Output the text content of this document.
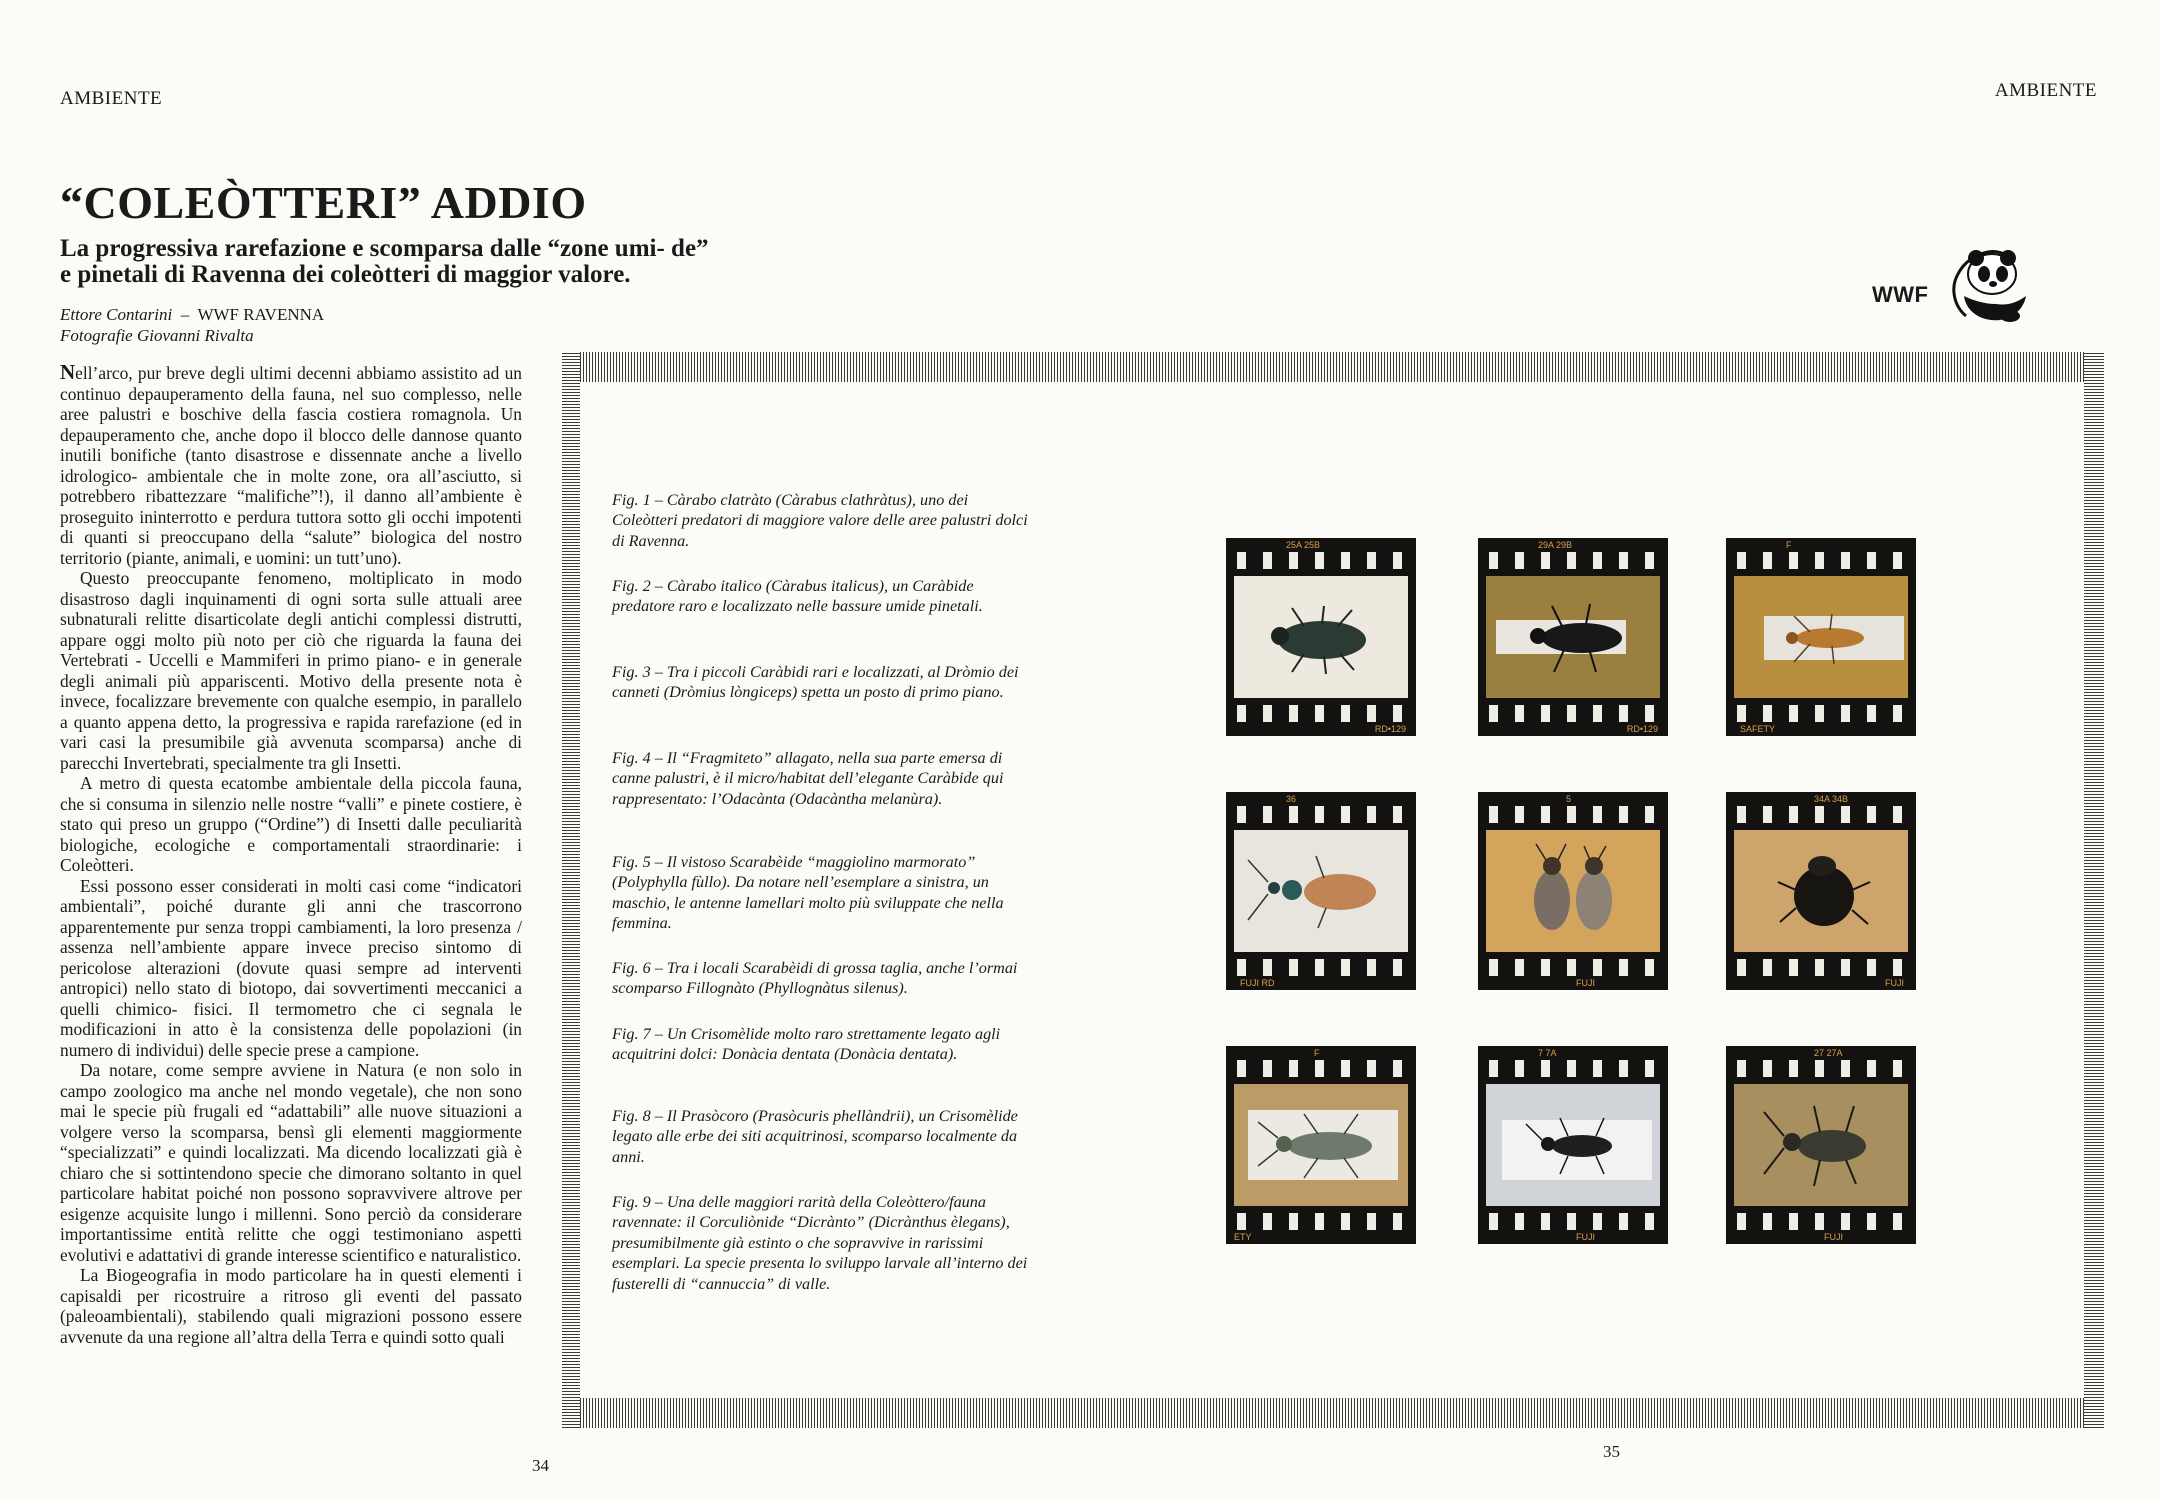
AMBIENTE	AMBIENTE
“COLEÒTTERI” ADDIO
La progressiva rarefazione e scomparsa dalle “zone umi- de” e pinetali di Ravenna dei coleòtteri di maggior valore.
Ettore Contarini  –  WWF RAVENNA
Fotografie Giovanni Rivalta

Nell’arco, pur breve degli ultimi decenni abbiamo assistito ad un continuo depauperamento della fauna, nel suo complesso, nelle aree palustri e boschive della fascia costiera romagnola. Un depauperamento che, anche dopo il blocco delle dannose quanto inutili bonifiche (tanto disastrose e dissennate anche a livello idrologico- ambientale che in molte zone, ora all’asciutto, si potrebbero ribattezzare “malifiche”!), il danno all’ambiente è proseguito ininterrotto e perdura tuttora sotto gli occhi impotenti di quanti si preoccupano della “salute” biologica del nostro territorio (piante, animali, e uomini: un tutt’uno).

Questo preoccupante fenomeno, moltiplicato in modo disastroso dagli inquinamenti di ogni sorta sulle attuali aree subnaturali relitte disarticolate degli antichi complessi distrutti, appare oggi molto più noto per ciò che riguarda la fauna dei Vertebrati - Uccelli e Mammiferi in primo piano- e in generale degli animali più appariscenti. Motivo della presente nota è invece, focalizzare brevemente con qualche esempio, in parallelo a quanto appena detto, la progressiva e rapida rarefazione (ed in vari casi la presumibile già avvenuta scomparsa) anche di parecchi Invertebrati, specialmente tra gli Insetti.

A metro di questa ecatombe ambientale della piccola fauna, che si consuma in silenzio nelle nostre “valli” e pinete costiere, è stato qui preso un gruppo (“Ordine”) di Insetti dalle peculiarità biologiche, ecologiche e comportamentali straordinarie: i Coleòtteri.

Essi possono esser considerati in molti casi come “indicatori ambientali”, poiché durante gli anni che trascorrono apparentemente pur senza troppi cambiamenti, la loro presenza / assenza nell’ambiente appare invece preciso sintomo di pericolose alterazioni (dovute quasi sempre ad interventi antropici) nello stato di biotopo, dai sovvertimenti meccanici a quelli chimico- fisici. Il termometro che ci segnala le modificazioni in atto è la consistenza delle popolazioni (in numero di individui) delle specie prese a campione.

Da notare, come sempre avviene in Natura (e non solo in campo zoologico ma anche nel mondo vegetale), che non sono mai le specie più frugali ed “adattabili” alle nuove situazioni a volgere verso la scomparsa, bensì gli elementi maggiormente “specializzati” e quindi localizzati. Ma dicendo localizzati già è chiaro che si sottintendono specie che dimorano soltanto in quel particolare habitat poiché non possono sopravvivere altrove per esigenze acquisite lungo i millenni. Sono perciò da considerare importantissime entità relitte che oggi testimoniano aspetti evolutivi e adattativi di grande interesse scientifico e naturalistico.

La Biogeografia in modo particolare ha in questi elementi i capisaldi per ricostruire a ritroso gli eventi del passato (paleoambientali), stabilendo quali migrazioni possono essere avvenute da una regione all’altra della Terra e quindi sotto quali

WWF

Fig. 1 – Càrabo clatràto (Càrabus clathràtus), uno dei Coleòtteri predatori di maggiore valore delle aree palustri dolci di Ravenna.

Fig. 2 – Càrabo italico (Càrabus italicus), un Caràbide predatore raro e localizzato nelle bassure umide pinetali.

Fig. 3 – Tra i piccoli Caràbidi rari e localizzati, al Dròmio dei canneti (Dròmius lòngiceps) spetta un posto di primo piano.

Fig. 4 – Il “Fragmiteto” allagato, nella sua parte emersa di canne palustri, è il micro/habitat dell’elegante Caràbide qui rappresentato: l’Odacànta (Odacàntha melanùra).

Fig. 5 – Il vistoso Scarabèide “maggiolino marmorato” (Polyphylla fùllo). Da notare nell’esemplare a sinistra, un maschio, le antenne lamellari molto più sviluppate che nella femmina.

Fig. 6 – Tra i locali Scarabèidi di grossa taglia, anche l’ormai scomparso Fillognàto (Phyllognàtus silenus).

Fig. 7 – Un Crisomèlide molto raro strettamente legato agli acquitrini dolci: Donàcia dentata (Donàcia dentata).

Fig. 8 – Il Prasòcoro (Prasòcuris phellàndrii), un Crisomèlide legato alle erbe dei siti acquitrinosi, scomparso localmente da anni.

Fig. 9 – Una delle maggiori rarità della Coleòttero/fauna ravennate: il Corculiònide “Dicrànto” (Dicrànthus èlegans), presumibilmente già estinto o che sopravvive in rarissimi esemplari. La specie presenta lo sviluppo larvale all’interno dei fusterelli di “cannuccia” di valle.

25A 25B
RD•129
29A 29B
RD•129
F
SAFETY
36
FUJI RD
5
FUJI
34A 34B
FUJI
F
ETY
7 7A
FUJI
27 27A
FUJI
34
35
